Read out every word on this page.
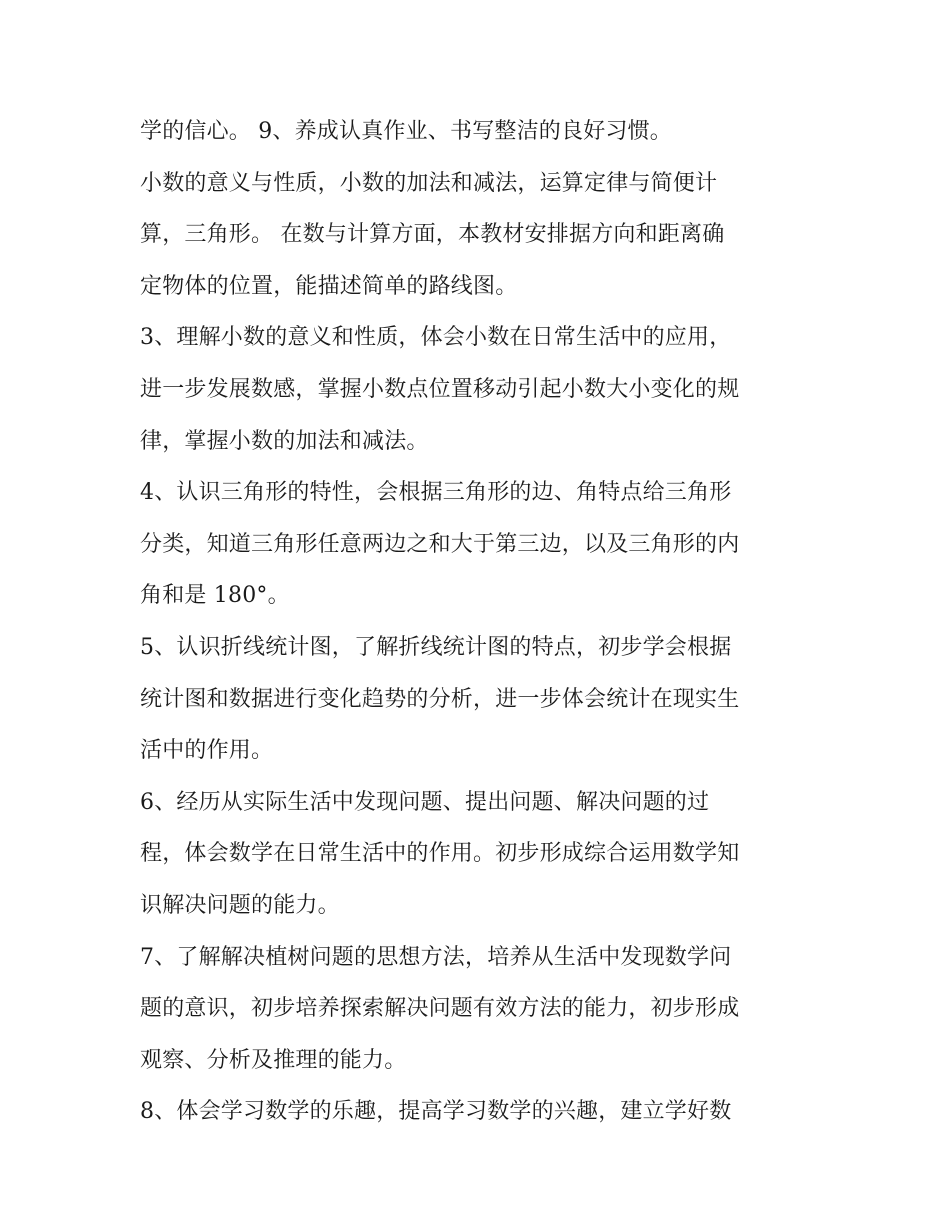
学的信心。 9、养成认真作业、书写整洁的良好习惯。
小数的意义与性质，小数的加法和减法，运算定律与简便计
算，三角形。 在数与计算方面，本教材安排据方向和距离确
定物体的位置，能描述简单的路线图。
3、理解小数的意义和性质，体会小数在日常生活中的应用，
进一步发展数感，掌握小数点位置移动引起小数大小变化的规
律，掌握小数的加法和减法。
4、认识三角形的特性，会根据三角形的边、角特点给三角形
分类，知道三角形任意两边之和大于第三边，以及三角形的内
角和是 180°。
5、认识折线统计图，了解折线统计图的特点，初步学会根据
统计图和数据进行变化趋势的分析，进一步体会统计在现实生
活中的作用。
6、经历从实际生活中发现问题、提出问题、解决问题的过
程，体会数学在日常生活中的作用。初步形成综合运用数学知
识解决问题的能力。
7、了解解决植树问题的思想方法，培养从生活中发现数学问
题的意识，初步培养探索解决问题有效方法的能力，初步形成
观察、分析及推理的能力。
8、体会学习数学的乐趣，提高学习数学的兴趣，建立学好数
